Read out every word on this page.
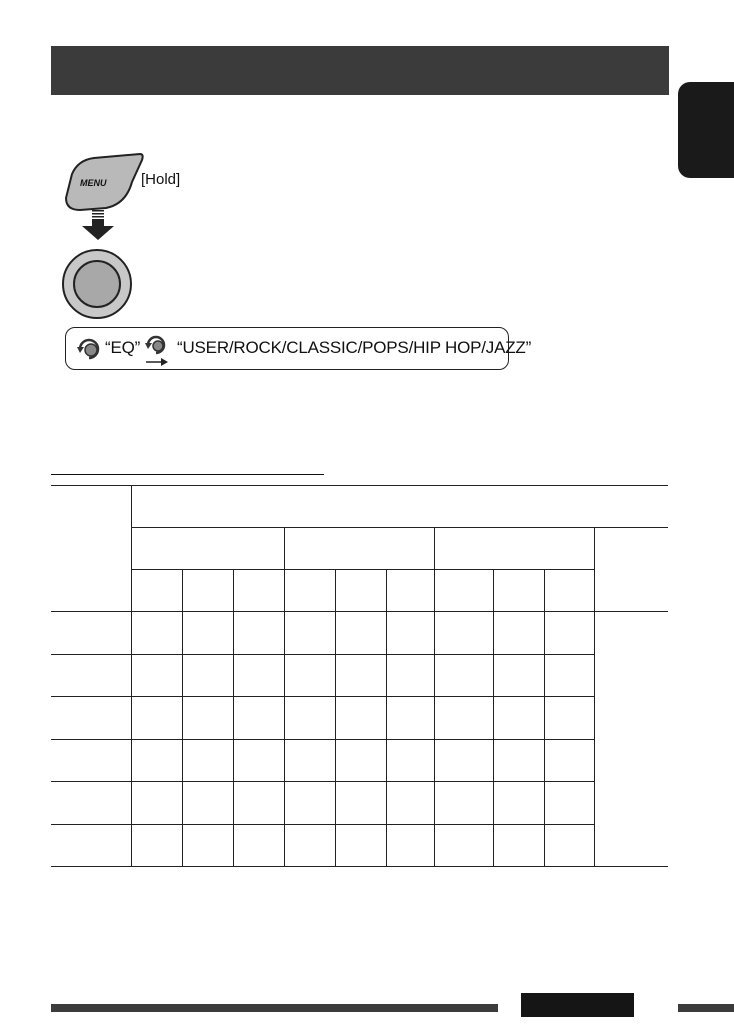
MENU [Hold]
“EQ” “USER/ROCK/CLASSIC/POPS/HIP HOP/JAZZ”
